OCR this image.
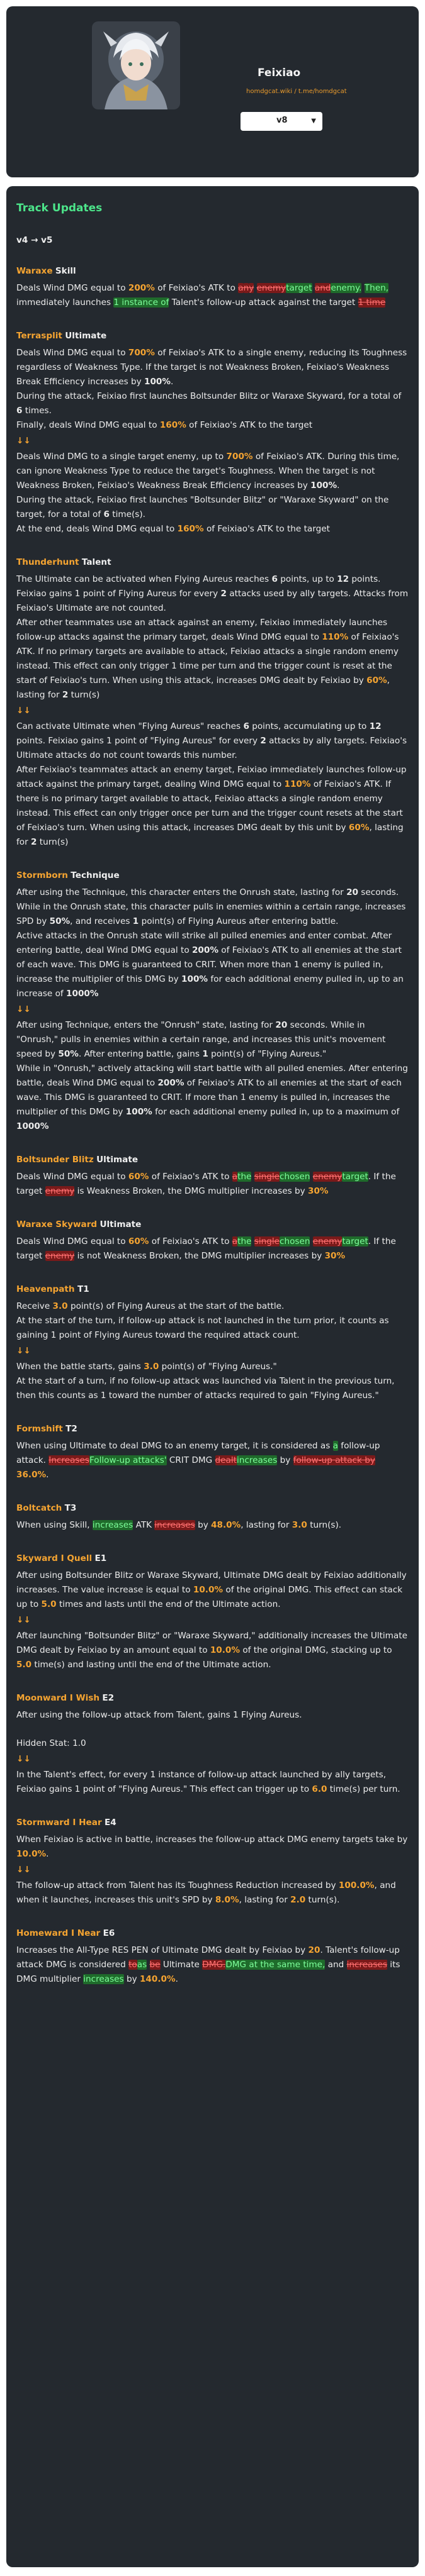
Feixiao
homdgcat.wiki / t.me/homdgcat
v8	▼
Track Updates
v4 → v5
Waraxe Skill
Deals Wind DMG equal to 200% of Feixiao's ATK to any enemytarget andenemy. Then, immediately launches 1 instance of Talent's follow-up attack against the target 1 time
Terrasplit Ultimate
Deals Wind DMG equal to 700% of Feixiao's ATK to a single enemy, reducing its Toughness regardless of Weakness Type. If the target is not Weakness Broken, Feixiao's Weakness Break Efficiency increases by 100%.
During the attack, Feixiao first launches Boltsunder Blitz or Waraxe Skyward, for a total of 6 times.
Finally, deals Wind DMG equal to 160% of Feixiao's ATK to the target
↓↓
Deals Wind DMG to a single target enemy, up to 700% of Feixiao's ATK. During this time, can ignore Weakness Type to reduce the target's Toughness. When the target is not Weakness Broken, Feixiao's Weakness Break Efficiency increases by 100%.
During the attack, Feixiao first launches "Boltsunder Blitz" or "Waraxe Skyward" on the target, for a total of 6 time(s).
At the end, deals Wind DMG equal to 160% of Feixiao's ATK to the target
Thunderhunt Talent
The Ultimate can be activated when Flying Aureus reaches 6 points, up to 12 points. Feixiao gains 1 point of Flying Aureus for every 2 attacks used by ally targets. Attacks from Feixiao's Ultimate are not counted.
After other teammates use an attack against an enemy, Feixiao immediately launches follow-up attacks against the primary target, deals Wind DMG equal to 110% of Feixiao's ATK. If no primary targets are available to attack, Feixiao attacks a single random enemy instead. This effect can only trigger 1 time per turn and the trigger count is reset at the start of Feixiao's turn. When using this attack, increases DMG dealt by Feixiao by 60%, lasting for 2 turn(s)
↓↓
Can activate Ultimate when "Flying Aureus" reaches 6 points, accumulating up to 12 points. Feixiao gains 1 point of "Flying Aureus" for every 2 attacks by ally targets. Feixiao's Ultimate attacks do not count towards this number.
After Feixiao's teammates attack an enemy target, Feixiao immediately launches follow-up attack against the primary target, dealing Wind DMG equal to 110% of Feixiao's ATK. If there is no primary target available to attack, Feixiao attacks a single random enemy instead. This effect can only trigger once per turn and the trigger count resets at the start of Feixiao's turn. When using this attack, increases DMG dealt by this unit by 60%, lasting for 2 turn(s)
Stormborn Technique
After using the Technique, this character enters the Onrush state, lasting for 20 seconds. While in the Onrush state, this character pulls in enemies within a certain range, increases SPD by 50%, and receives 1 point(s) of Flying Aureus after entering battle.
Active attacks in the Onrush state will strike all pulled enemies and enter combat. After entering battle, deal Wind DMG equal to 200% of Feixiao's ATK to all enemies at the start of each wave. This DMG is guaranteed to CRIT. When more than 1 enemy is pulled in, increase the multiplier of this DMG by 100% for each additional enemy pulled in, up to an increase of 1000%
↓↓
After using Technique, enters the "Onrush" state, lasting for 20 seconds. While in "Onrush," pulls in enemies within a certain range, and increases this unit's movement speed by 50%. After entering battle, gains 1 point(s) of "Flying Aureus."
While in "Onrush," actively attacking will start battle with all pulled enemies. After entering battle, deals Wind DMG equal to 200% of Feixiao's ATK to all enemies at the start of each wave. This DMG is guaranteed to CRIT. If more than 1 enemy is pulled in, increases the multiplier of this DMG by 100% for each additional enemy pulled in, up to a maximum of 1000%
Boltsunder Blitz Ultimate
Deals Wind DMG equal to 60% of Feixiao's ATK to athe singlechosen enemytarget. If the target enemy is Weakness Broken, the DMG multiplier increases by 30%
Waraxe Skyward Ultimate
Deals Wind DMG equal to 60% of Feixiao's ATK to athe singlechosen enemytarget. If the target enemy is not Weakness Broken, the DMG multiplier increases by 30%
Heavenpath T1
Receive 3.0 point(s) of Flying Aureus at the start of the battle.
At the start of the turn, if follow-up attack is not launched in the turn prior, it counts as gaining 1 point of Flying Aureus toward the required attack count.
↓↓
When the battle starts, gains 3.0 point(s) of "Flying Aureus."
At the start of a turn, if no follow-up attack was launched via Talent in the previous turn, then this counts as 1 toward the number of attacks required to gain "Flying Aureus."
Formshift T2
When using Ultimate to deal DMG to an enemy target, it is considered as a follow-up attack. IncreasesFollow-up attacks' CRIT DMG dealtincreases by follow-up attack by 36.0%.
Boltcatch T3
When using Skill, increases ATK increases by 48.0%, lasting for 3.0 turn(s).
Skyward I Quell E1
After using Boltsunder Blitz or Waraxe Skyward, Ultimate DMG dealt by Feixiao additionally increases. The value increase is equal to 10.0% of the original DMG. This effect can stack up to 5.0 times and lasts until the end of the Ultimate action.
↓↓
After launching "Boltsunder Blitz" or "Waraxe Skyward," additionally increases the Ultimate DMG dealt by Feixiao by an amount equal to 10.0% of the original DMG, stacking up to 5.0 time(s) and lasting until the end of the Ultimate action.
Moonward I Wish E2
After using the follow-up attack from Talent, gains 1 Flying Aureus.
Hidden Stat: 1.0
↓↓
In the Talent's effect, for every 1 instance of follow-up attack launched by ally targets, Feixiao gains 1 point of "Flying Aureus." This effect can trigger up to 6.0 time(s) per turn.
Stormward I Hear E4
When Feixiao is active in battle, increases the follow-up attack DMG enemy targets take by 10.0%.
↓↓
The follow-up attack from Talent has its Toughness Reduction increased by 100.0%, and when it launches, increases this unit's SPD by 8.0%, lasting for 2.0 turn(s).
Homeward I Near E6
Increases the All-Type RES PEN of Ultimate DMG dealt by Feixiao by 20. Talent's follow-up attack DMG is considered toas be Ultimate DMG.DMG at the same time, and increases its DMG multiplier increases by 140.0%.
